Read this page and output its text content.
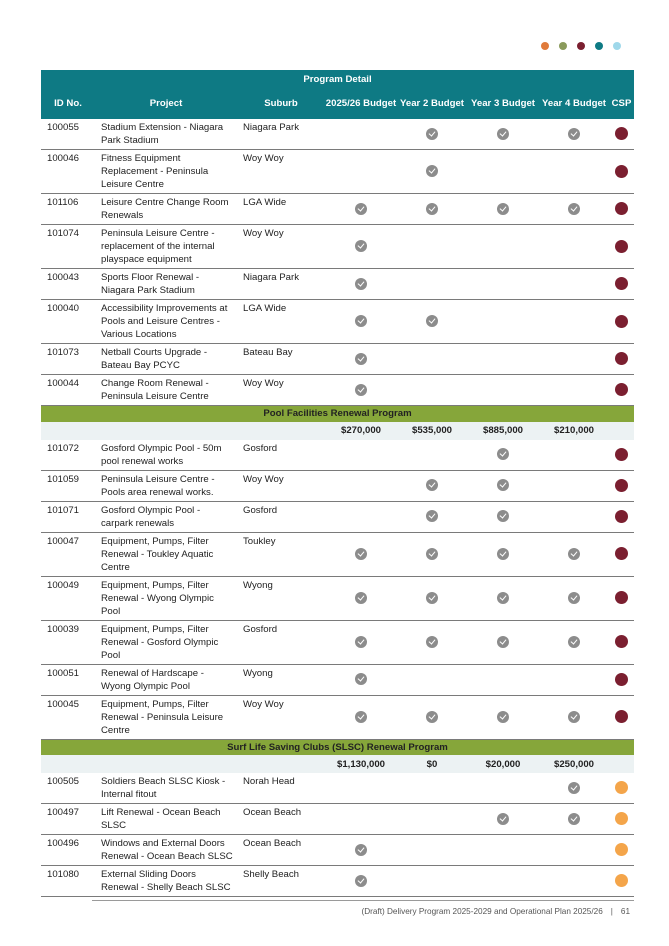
Program Detail							
ID No.	Project	Suburb	2025/26 Budget	Year 2 Budget	Year 3 Budget	Year 4 Budget	CSP
100055	Stadium Extension - Niagara Park Stadium	Niagara Park					
100046	Fitness Equipment Replacement - Peninsula Leisure Centre	Woy Woy					
101106	Leisure Centre Change Room Renewals	LGA Wide					
101074	Peninsula Leisure Centre - replacement of the internal playspace equipment	Woy Woy					
100043	Sports Floor Renewal - Niagara Park Stadium	Niagara Park					
100040	Accessibility Improvements at Pools and Leisure Centres - Various Locations	LGA Wide					
101073	Netball Courts Upgrade - Bateau Bay PCYC	Bateau Bay					
100044	Change Room Renewal - Peninsula Leisure Centre	Woy Woy					
Pool Facilities Renewal Program							
			$270,000	$535,000	$885,000	$210,000	
101072	Gosford Olympic Pool - 50m pool renewal works	Gosford					
101059	Peninsula Leisure Centre - Pools area renewal works.	Woy Woy					
101071	Gosford Olympic Pool - carpark renewals	Gosford					
100047	Equipment, Pumps, Filter Renewal - Toukley Aquatic Centre	Toukley					
100049	Equipment, Pumps, Filter Renewal - Wyong Olympic Pool	Wyong					
100039	Equipment, Pumps, Filter Renewal - Gosford Olympic Pool	Gosford					
100051	Renewal of Hardscape - Wyong Olympic Pool	Wyong					
100045	Equipment, Pumps, Filter Renewal - Peninsula Leisure Centre	Woy Woy					
Surf Life Saving Clubs (SLSC) Renewal Program							
			$1,130,000	$0	$20,000	$250,000	
100505	Soldiers Beach SLSC Kiosk - Internal fitout	Norah Head					
100497	Lift Renewal - Ocean Beach SLSC	Ocean Beach					
100496	Windows and External Doors Renewal - Ocean Beach SLSC	Ocean Beach					
101080	External Sliding Doors Renewal - Shelly Beach SLSC	Shelly Beach					
(Draft) Delivery Program 2025-2029 and Operational Plan 2025/26 | 61
